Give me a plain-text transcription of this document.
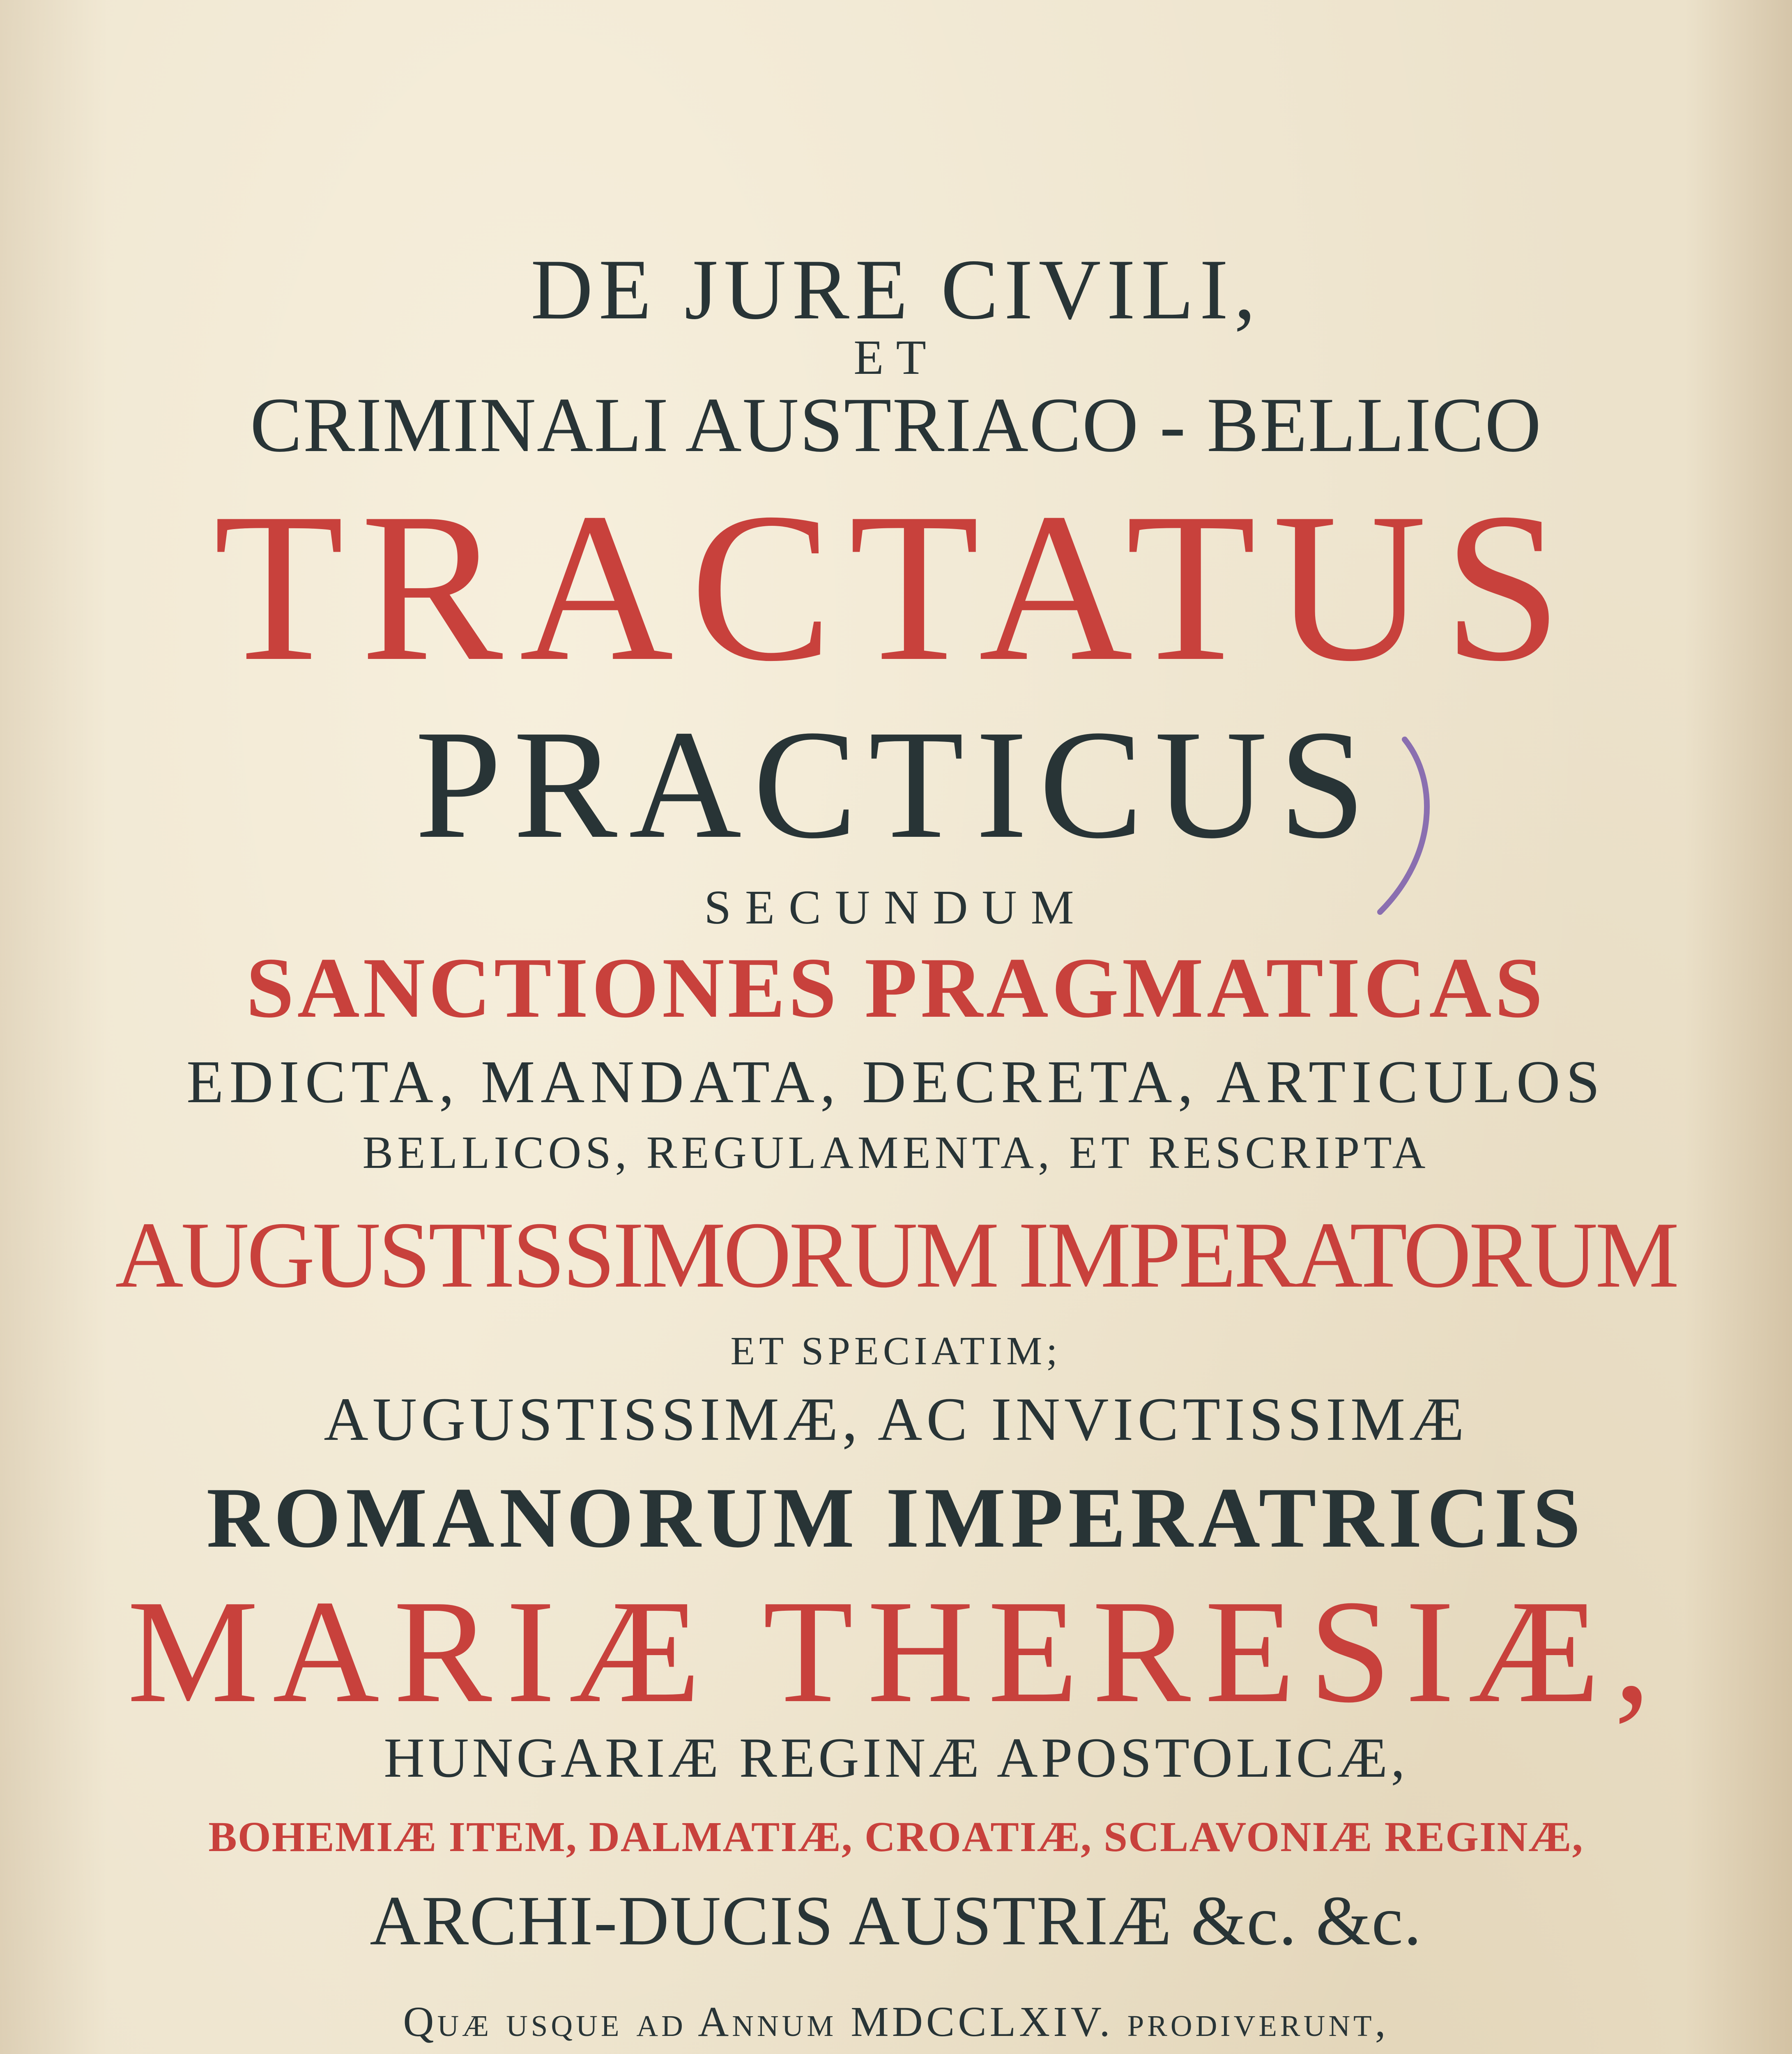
DE JURE CIVILI,
ET
CRIMINALI AUSTRIACO - BELLICO
TRACTATUS
PRACTICUS
SECUNDUM
SANCTIONES PRAGMATICAS
EDICTA, MANDATA, DECRETA, ARTICULOS
BELLICOS, REGULAMENTA, ET RESCRIPTA
AUGUSTISSIMORUM IMPERATORUM
ET SPECIATIM;
AUGUSTISSIMÆ, AC INVICTISSIMÆ
ROMANORUM IMPERATRICIS
MARIÆ THERESIÆ,
HUNGARIÆ REGINÆ APOSTOLICÆ,
BOHEMIÆ ITEM, DALMATIÆ, CROATIÆ, SCLAVONIÆ REGINÆ,
ARCHI-DUCIS AUSTRIÆ &c. &c.
Quæ usque ad Annum MDCCLXIV. prodiverunt,
